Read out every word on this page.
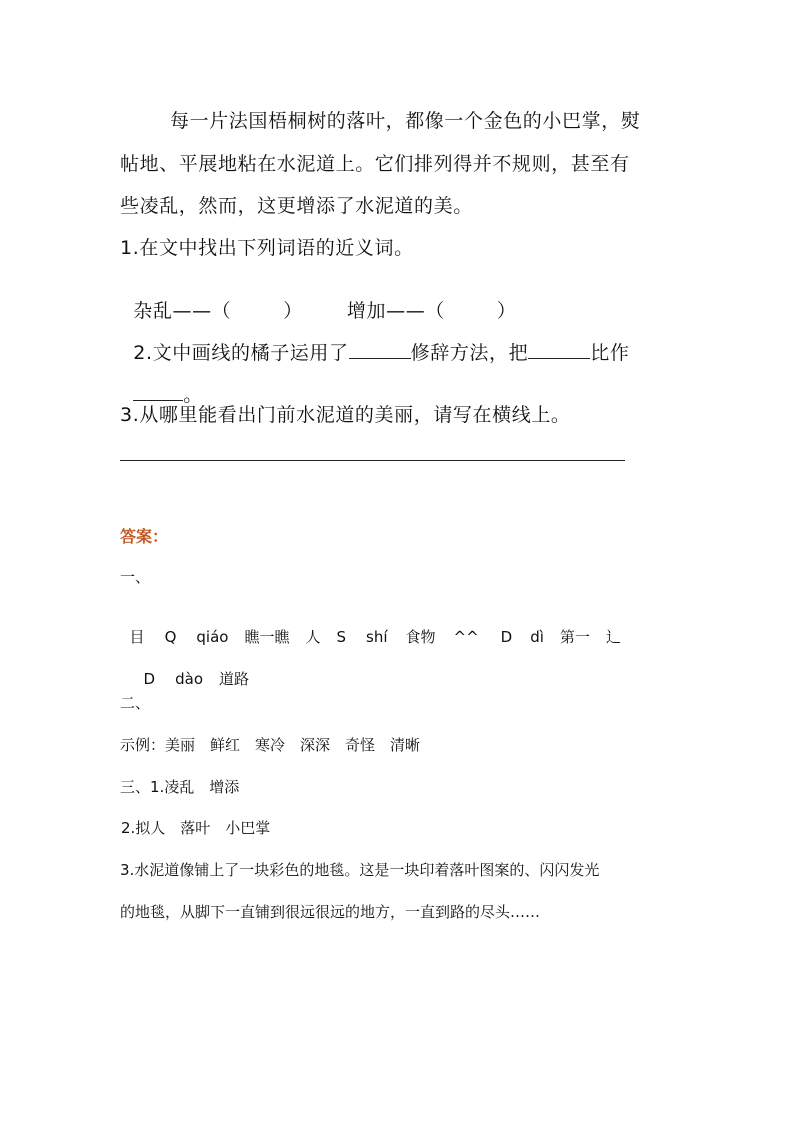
每一片法国梧桐树的落叶，都像一个金色的小巴掌，熨
帖地、平展地粘在水泥道上。它们排列得并不规则，甚至有
些凌乱，然而，这更增添了水泥道的美。
1.在文中找出下列词语的近义词。

杂乱——（	） 增加——（	）

2.文中画线的橘子运用了	修辞方法，把	比作

。

3.从哪里能看出门前水泥道的美丽，请写在横线上。
答案：
一、

目 Q qiáo 瞧一瞧 人 S shí 食物 ^^ D dì 第一 辶

D dào 道路

二、
示例：美丽　鲜红　寒冷　深深　奇怪　清晰
三、1.凌乱　增添
2.拟人　落叶　小巴掌
3.水泥道像铺上了一块彩色的地毯。这是一块印着落叶图案的、闪闪发光
的地毯，从脚下一直铺到很远很远的地方，一直到路的尽头……
